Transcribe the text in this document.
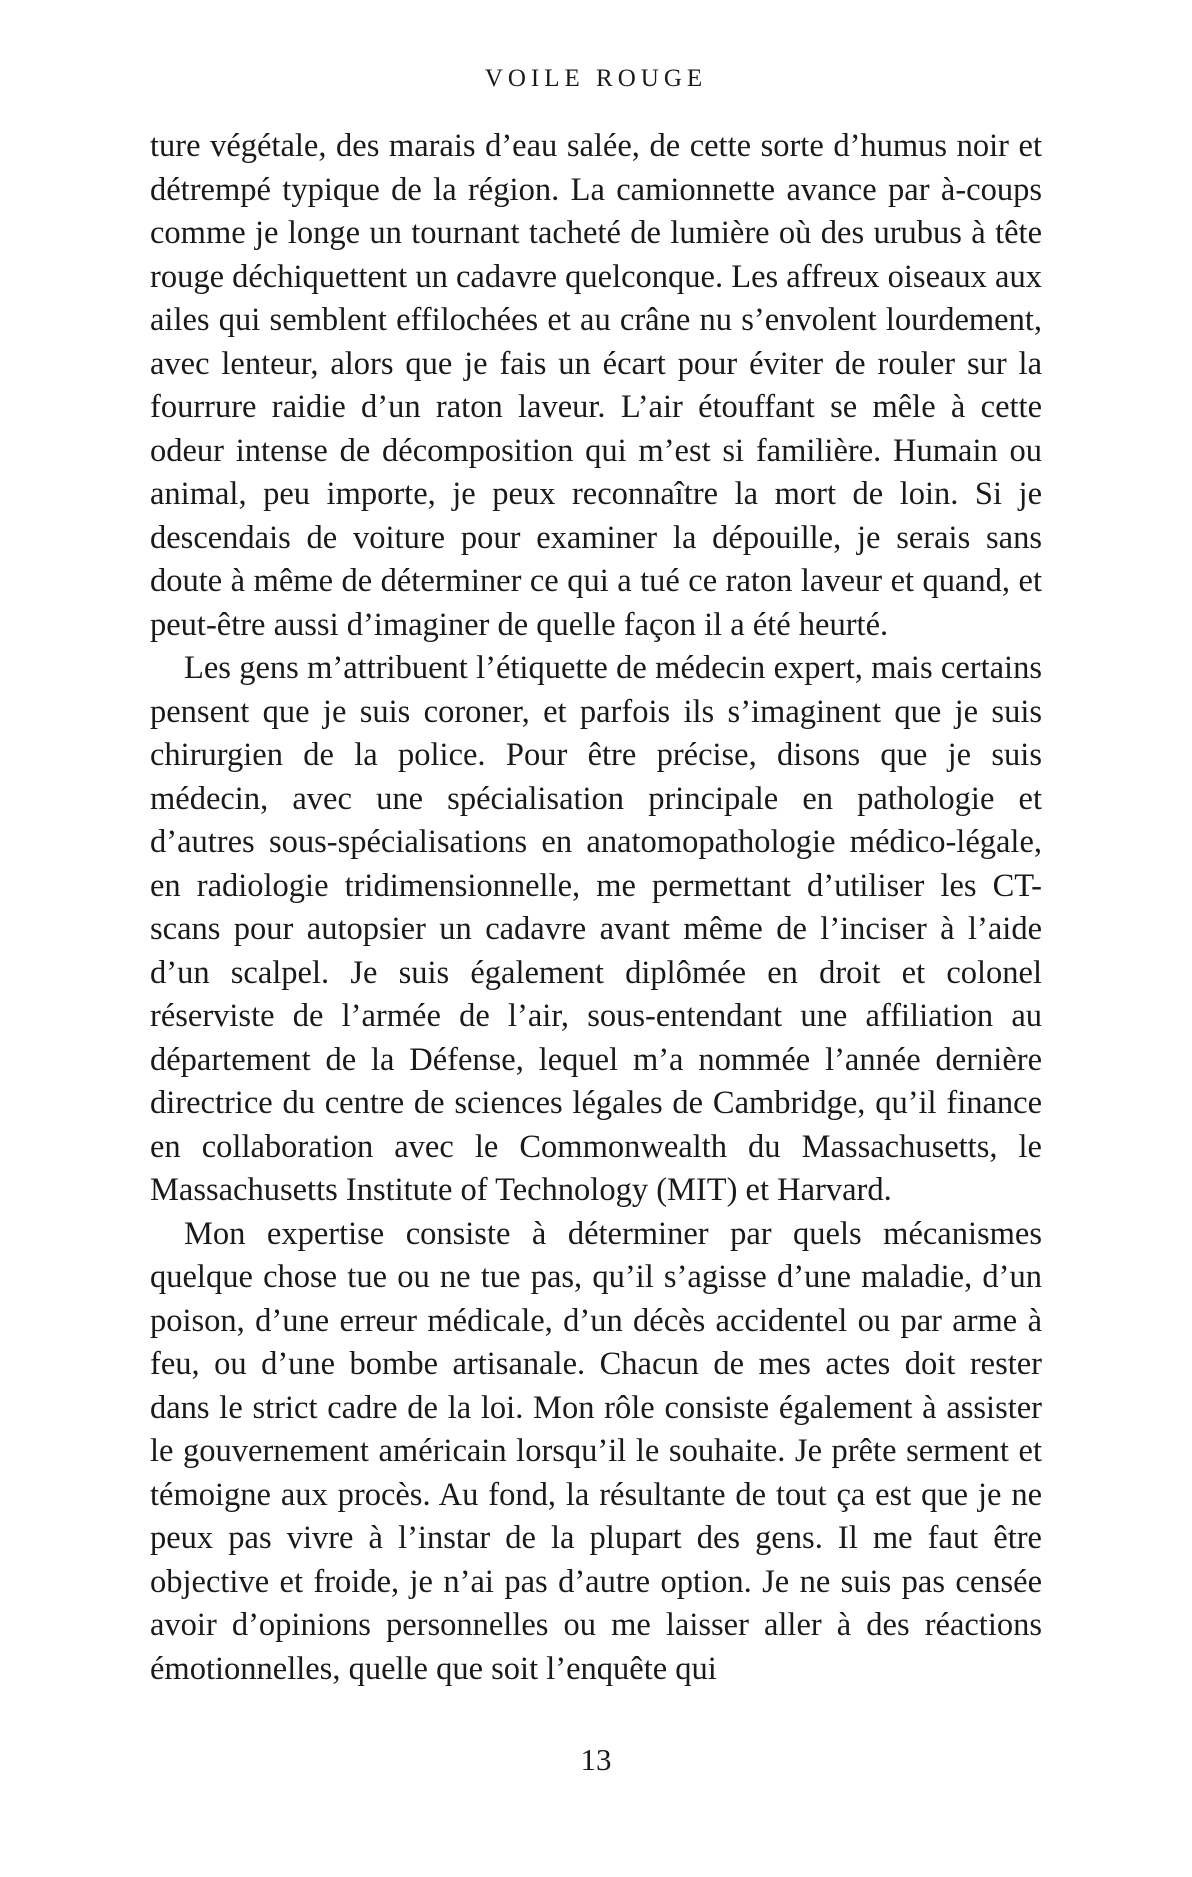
VOILE ROUGE

ture végétale, des marais d’eau salée, de cette sorte d’humus noir et détrempé typique de la région. La camionnette avance par à-coups comme je longe un tournant tacheté de lumière où des urubus à tête rouge déchiquettent un cadavre quelconque. Les affreux oiseaux aux ailes qui semblent effilochées et au crâne nu s’envolent lourdement, avec lenteur, alors que je fais un écart pour éviter de rouler sur la fourrure raidie d’un raton laveur. L’air étouffant se mêle à cette odeur intense de décomposition qui m’est si familière. Humain ou animal, peu importe, je peux reconnaître la mort de loin. Si je descendais de voiture pour examiner la dépouille, je serais sans doute à même de déterminer ce qui a tué ce raton laveur et quand, et peut-être aussi d’imaginer de quelle façon il a été heurté.

Les gens m’attribuent l’étiquette de médecin expert, mais certains pensent que je suis coroner, et parfois ils s’imaginent que je suis chirurgien de la police. Pour être précise, disons que je suis médecin, avec une spécialisation principale en pathologie et d’autres sous-spécialisations en anatomopathologie médico-légale, en radiologie tridimensionnelle, me permettant d’utiliser les CT-scans pour autopsier un cadavre avant même de l’inciser à l’aide d’un scalpel. Je suis également diplômée en droit et colonel réserviste de l’armée de l’air, sous-entendant une affiliation au département de la Défense, lequel m’a nommée l’année dernière directrice du centre de sciences légales de Cambridge, qu’il finance en collaboration avec le Commonwealth du Massachusetts, le Massachusetts Institute of Technology (MIT) et Harvard.

Mon expertise consiste à déterminer par quels mécanismes quelque chose tue ou ne tue pas, qu’il s’agisse d’une maladie, d’un poison, d’une erreur médicale, d’un décès accidentel ou par arme à feu, ou d’une bombe artisanale. Chacun de mes actes doit rester dans le strict cadre de la loi. Mon rôle consiste également à assister le gouvernement américain lorsqu’il le souhaite. Je prête serment et témoigne aux procès. Au fond, la résultante de tout ça est que je ne peux pas vivre à l’instar de la plupart des gens. Il me faut être objective et froide, je n’ai pas d’autre option. Je ne suis pas censée avoir d’opinions personnelles ou me laisser aller à des réactions émotionnelles, quelle que soit l’enquête qui

13
